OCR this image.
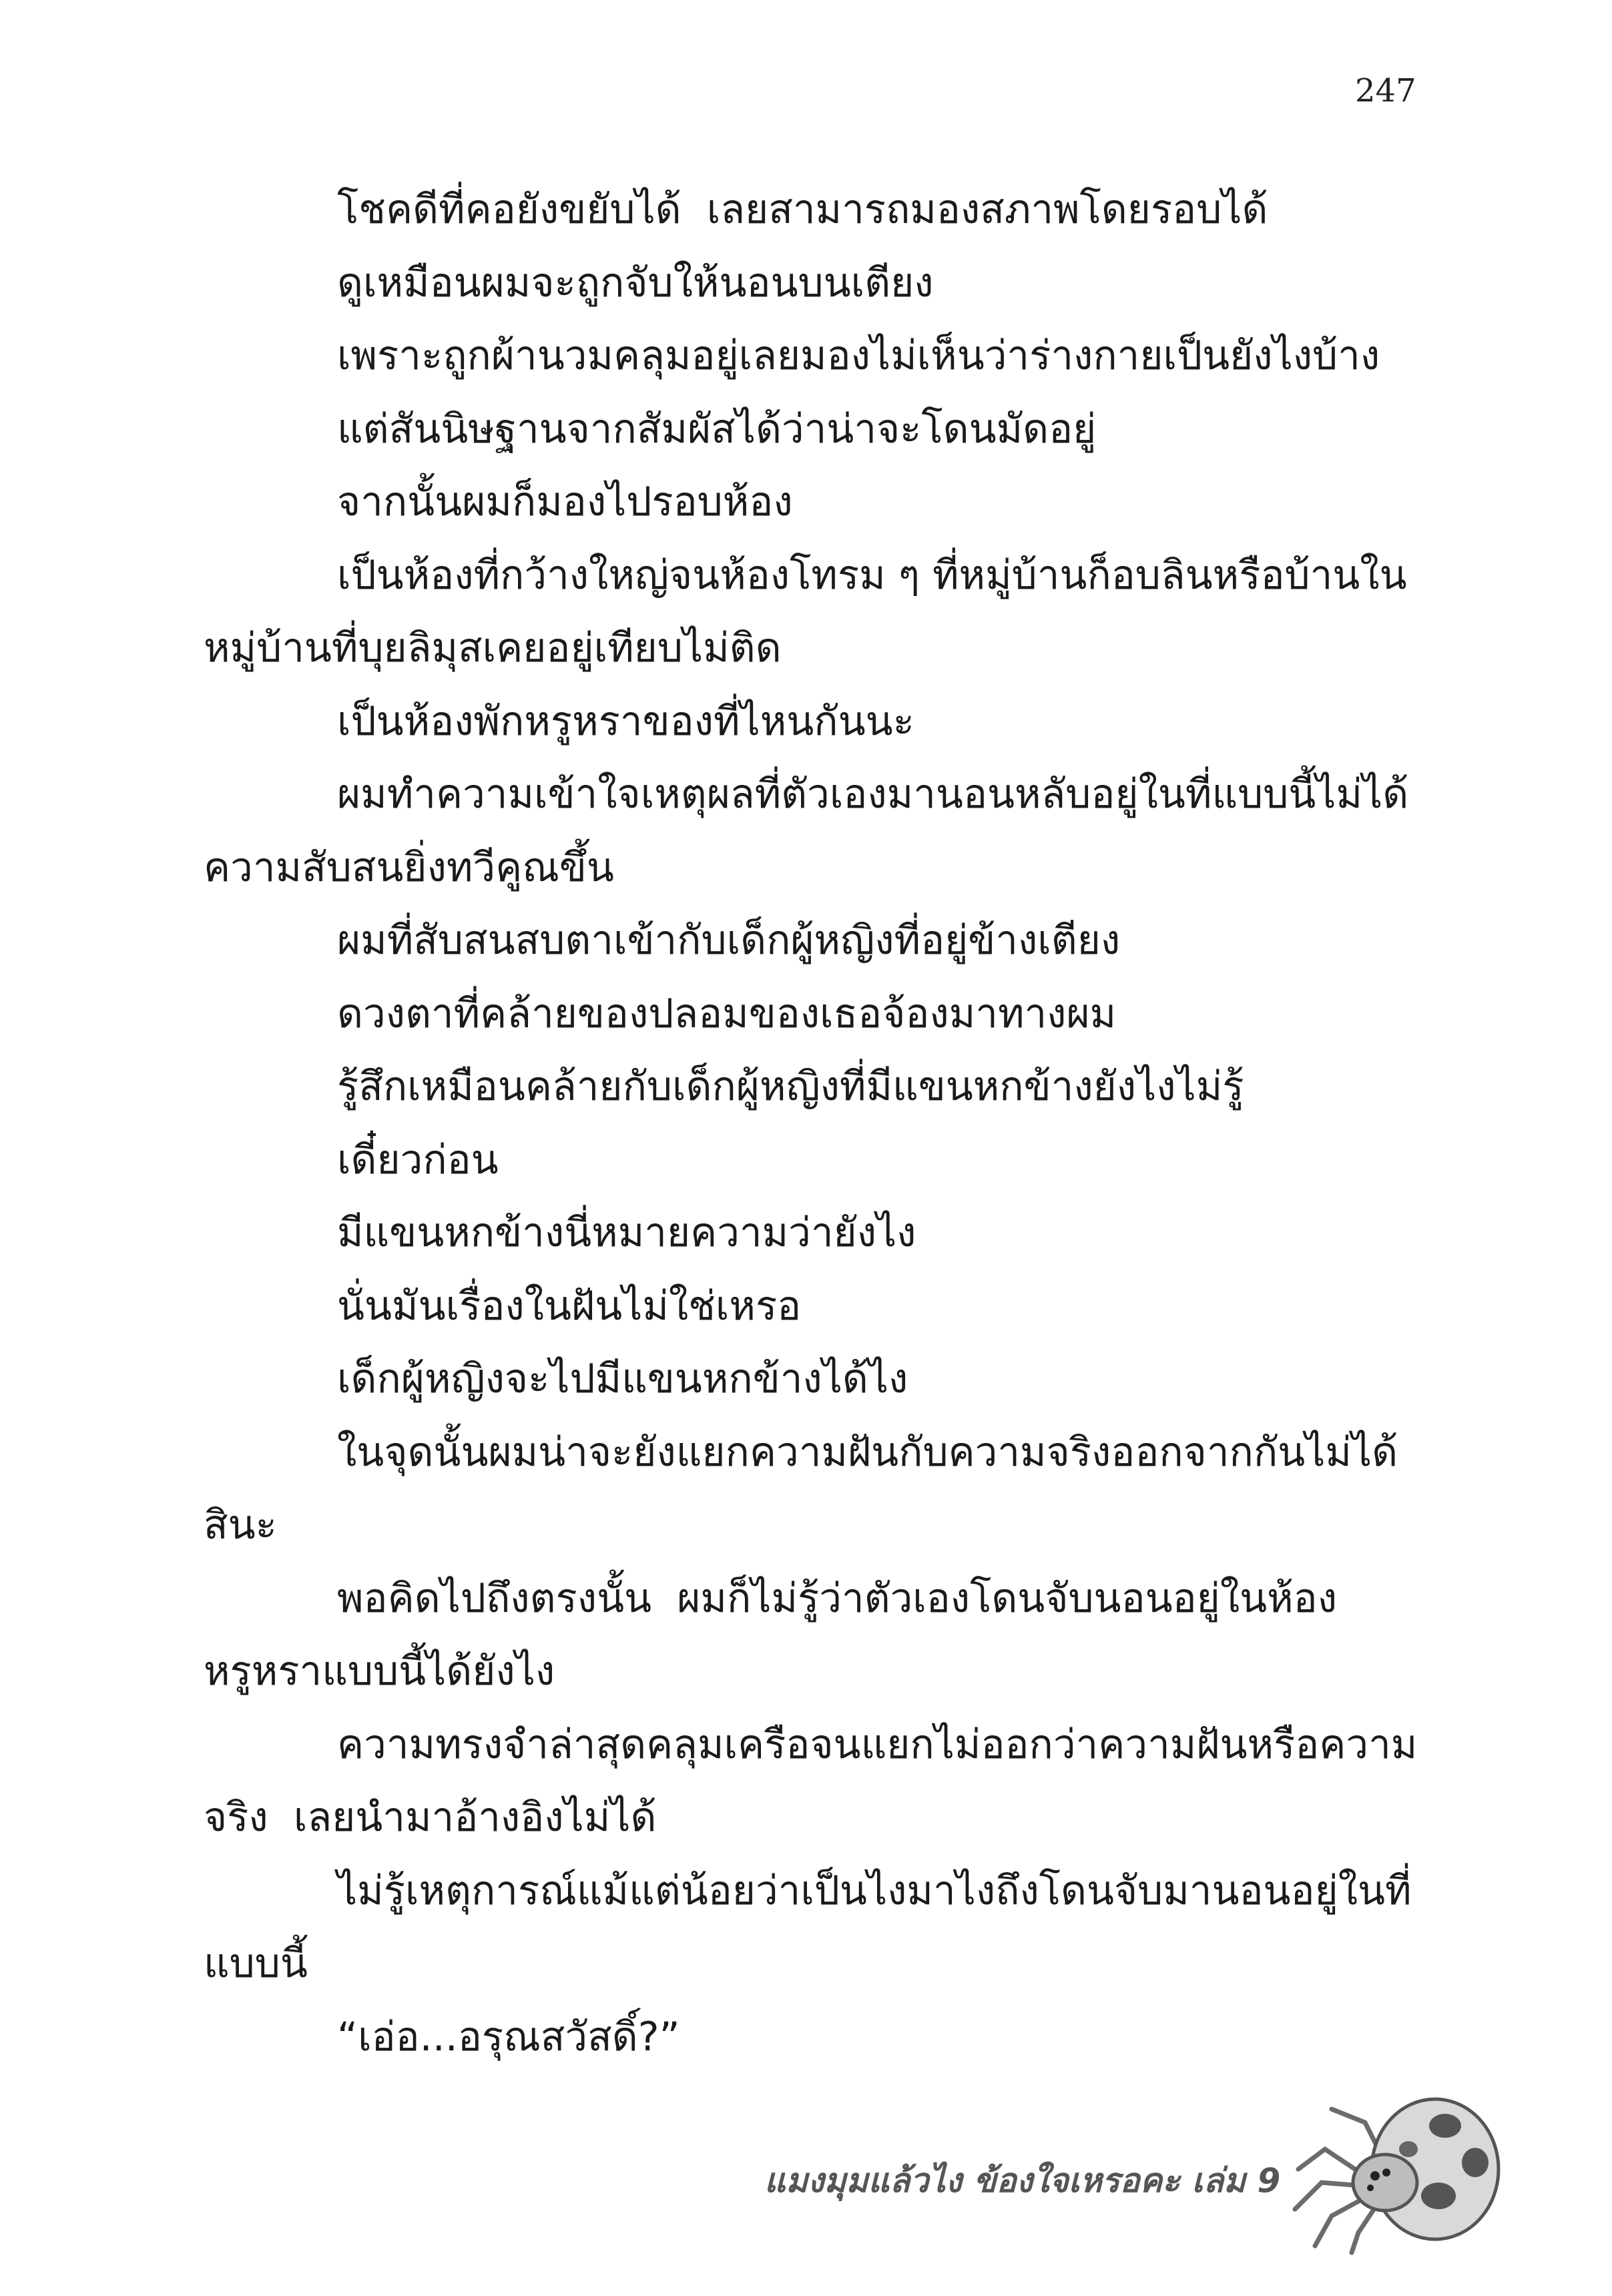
247

โชคดีที่คอยังขยับได้  เลยสามารถมองสภาพโดยรอบได้

ดูเหมือนผมจะถูกจับให้นอนบนเตียง

เพราะถูกผ้านวมคลุมอยู่เลยมองไม่เห็นว่าร่างกายเป็นยังไงบ้าง

แต่สันนิษฐานจากสัมผัสได้ว่าน่าจะโดนมัดอยู่

จากนั้นผมก็มองไปรอบห้อง

เป็นห้องที่กว้างใหญ่จนห้องโทรม ๆ ที่หมู่บ้านก็อบลินหรือบ้านในหมู่บ้านที่บุยลิมุสเคยอยู่เทียบไม่ติด

เป็นห้องพักหรูหราของที่ไหนกันนะ

ผมทำความเข้าใจเหตุผลที่ตัวเองมานอนหลับอยู่ในที่แบบนี้ไม่ได้  ความสับสนยิ่งทวีคูณขึ้น

ผมที่สับสนสบตาเข้ากับเด็กผู้หญิงที่อยู่ข้างเตียง

ดวงตาที่คล้ายของปลอมของเธอจ้องมาทางผม

รู้สึกเหมือนคล้ายกับเด็กผู้หญิงที่มีแขนหกข้างยังไงไม่รู้

เดี๋ยวก่อน

มีแขนหกข้างนี่หมายความว่ายังไง

นั่นมันเรื่องในฝันไม่ใช่เหรอ

เด็กผู้หญิงจะไปมีแขนหกข้างได้ไง

ในจุดนั้นผมน่าจะยังแยกความฝันกับความจริงออกจากกันไม่ได้สินะ

พอคิดไปถึงตรงนั้น  ผมก็ไม่รู้ว่าตัวเองโดนจับนอนอยู่ในห้องหรูหราแบบนี้ได้ยังไง

ความทรงจำล่าสุดคลุมเครือจนแยกไม่ออกว่าความฝันหรือความจริง  เลยนำมาอ้างอิงไม่ได้

ไม่รู้เหตุการณ์แม้แต่น้อยว่าเป็นไงมาไงถึงโดนจับมานอนอยู่ในที่แบบนี้

“เอ่อ...อรุณสวัสดิ์?”

แมงมุมแล้วไง ข้องใจเหรอคะ เล่ม 9
